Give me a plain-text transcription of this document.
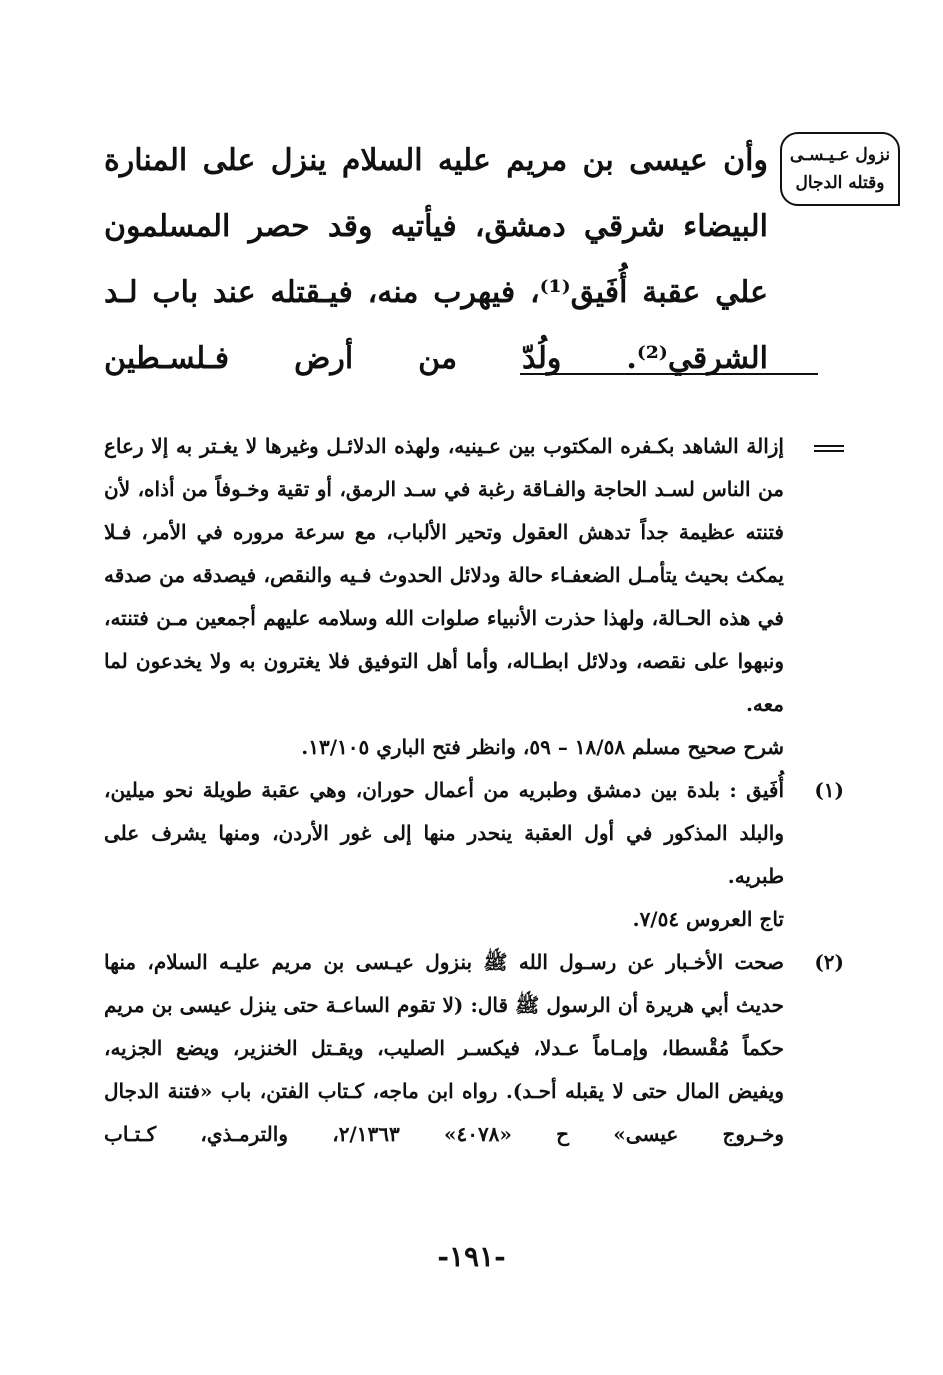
نزول عـيـسـى
وقتله الدجال
وأن عيسى بن مريم عليه السلام ينزل على المنارة البيضاء شرقي دمشق، فيأتيه وقد حصر المسلمون علي عقبة أُفَيق⁽¹⁾، فيهرب منه، فيـقتله عند باب لـد الشرقي⁽²⁾. ولُدّ من أرض فـلسـطين
إزالة الشاهد بكـفره المكتوب بين عـينيه، ولهذه الدلائـل وغيرها لا يغـتر به إلا رعاع من الناس لسـد الحاجة والفـاقة رغبة في سـد الرمق، أو تقية وخـوفاً من أذاه، لأن فتنته عظيمة جداً تدهش العقول وتحير الألباب، مع سرعة مروره في الأمر، فـلا يمكث بحيث يتأمـل الضعفـاء حالة ودلائل الحدوث فـيه والنقص، فيصدقه من صدقه في هذه الحـالة، ولهذا حذرت الأنبياء صلوات الله وسلامه عليهم أجمعين مـن فتنته، ونبهوا على نقصه، ودلائل ابطـاله، وأما أهل التوفيق فلا يغترون به ولا يخدعون لما معه.
شرح صحيح مسلم ١٨/٥٨ – ٥٩، وانظر فتح الباري ١٣/١٠٥.
(١)
أُفَيق : بلدة بين دمشق وطبريه من أعمال حوران، وهي عقبة طويلة نحو ميلين، والبلد المذكور في أول العقبة ينحدر منها إلى غور الأردن، ومنها يشرف على طبريه.
تاج العروس ٧/٥٤.
(٢)
صحت الأخـبار عن رسـول الله ﷺ بنزول عيـسى بن مريم عليـه السلام، منها حديث أبي هريرة أن الرسول ﷺ قال: (لا تقوم الساعـة حتى ينزل عيسى بن مريم حكماً مُقْسطا، وإمـاماً عـدلا، فيكسـر الصليب، ويقـتل الخنزير، ويضع الجزيه، ويفيض المال حتى لا يقبله أحـد). رواه ابن ماجه، كـتاب الفتن، باب «فتنة الدجال وخـروج عيسى» ح «٤٠٧٨» ٢/١٣٦٣، والترمـذي، كـتـاب
-١٩١-
